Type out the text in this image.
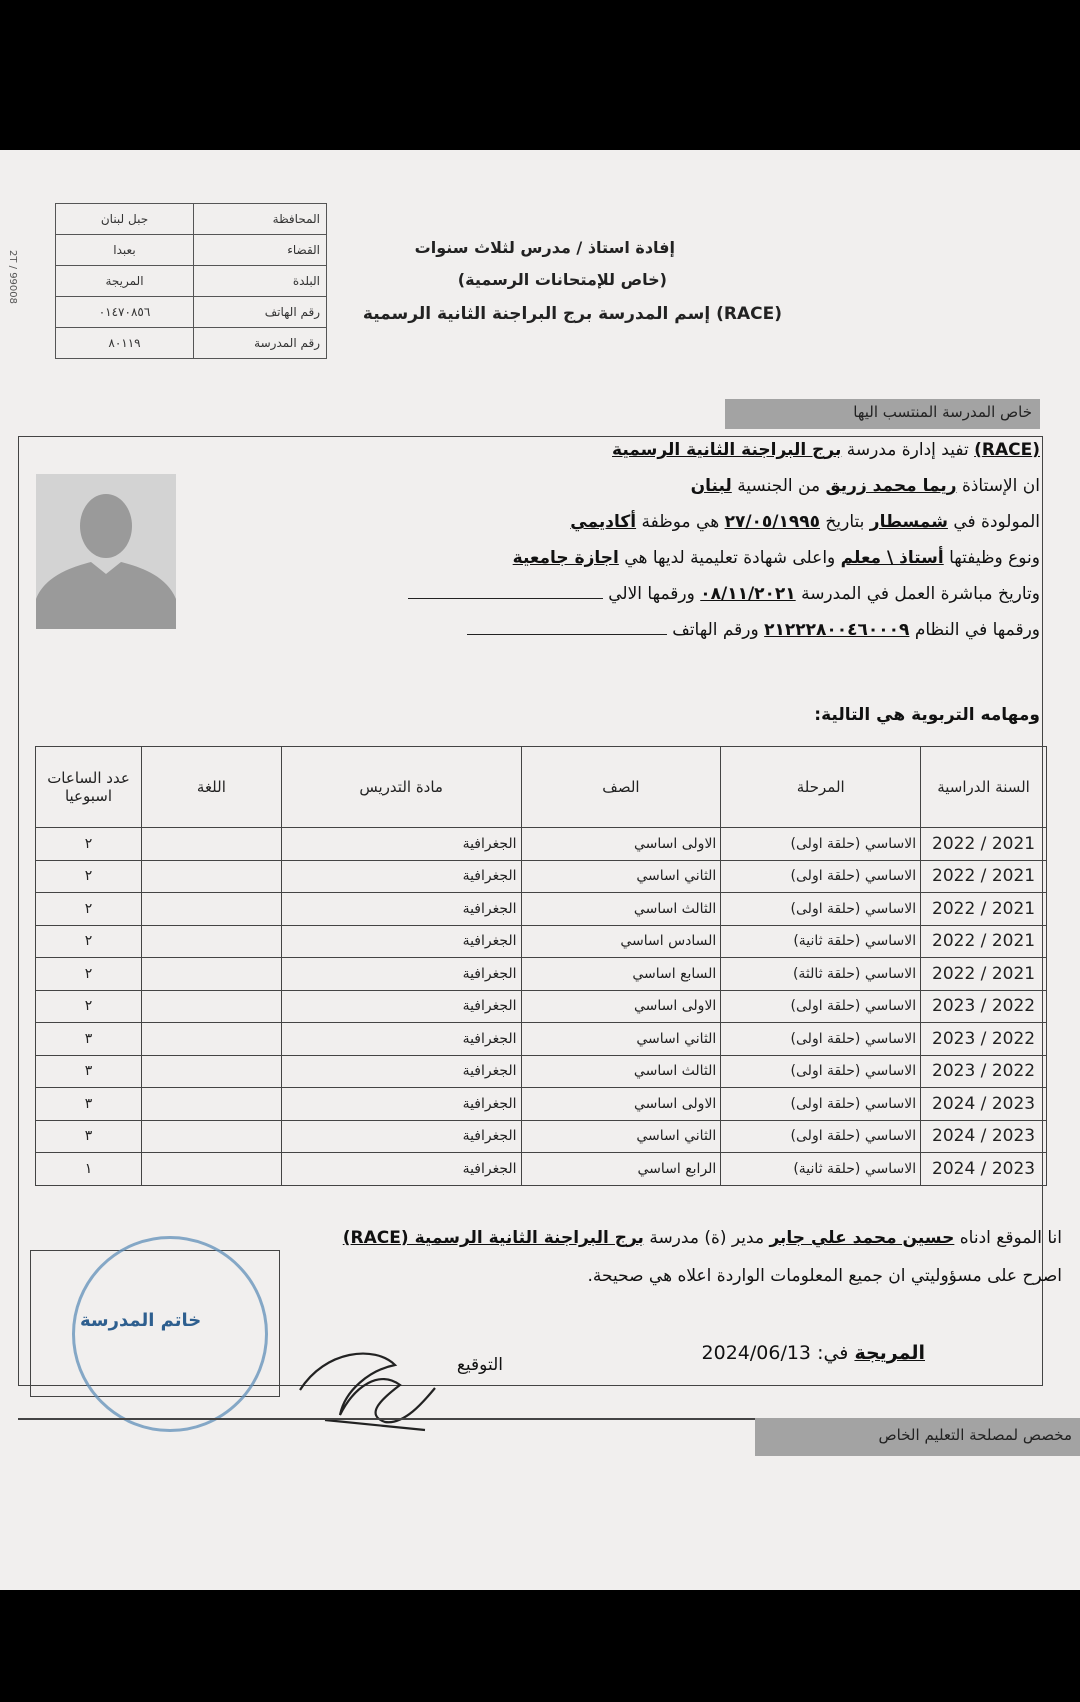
جبل لبنان	المحافظة
بعبدا	القضاء
المريجة	البلدة
٠١٤٧٠٨٥٦	رقم الهاتف
٨٠١١٩	رقم المدرسة
2T / 99008
إفادة استاذ / مدرس لثلاث سنوات
(خاص للإمتحانات الرسمية)
(RACE) إسم المدرسة برج البراجنة الثانية الرسمية
خاص المدرسة المنتسب اليها
(RACE) تفيد إدارة مدرسة برج البراجنة الثانية الرسمية
ان الإستاذة ريما محمد زريق من الجنسية لبنان
المولودة في شمسطار بتاريخ ٢٧/٠٥/١٩٩٥ هي موظفة أكاديمي
ونوع وظيفتها أستاذ \ معلم واعلى شهادة تعليمية لديها هي اجازة جامعية
وتاريخ مباشرة العمل في المدرسة ٠٨/١١/٢٠٢١ ورقمها الالي
ورقمها في النظام ٢١٢٢٢٨٠٠٤٦٠٠٠٩ ورقم الهاتف
ومهامه التربوية هي التالية:
السنة الدراسية	المرحلة	الصف	مادة التدريس	اللغة	عدد الساعات اسبوعيا
2021 / 2022	الاساسي (حلقة اولى)	الاولى اساسي	الجغرافية		٢
2021 / 2022	الاساسي (حلقة اولى)	الثاني اساسي	الجغرافية		٢
2021 / 2022	الاساسي (حلقة اولى)	الثالث اساسي	الجغرافية		٢
2021 / 2022	الاساسي (حلقة ثانية)	السادس اساسي	الجغرافية		٢
2021 / 2022	الاساسي (حلقة ثالثة)	السابع اساسي	الجغرافية		٢
2022 / 2023	الاساسي (حلقة اولى)	الاولى اساسي	الجغرافية		٢
2022 / 2023	الاساسي (حلقة اولى)	الثاني اساسي	الجغرافية		٣
2022 / 2023	الاساسي (حلقة اولى)	الثالث اساسي	الجغرافية		٣
2023 / 2024	الاساسي (حلقة اولى)	الاولى اساسي	الجغرافية		٣
2023 / 2024	الاساسي (حلقة اولى)	الثاني اساسي	الجغرافية		٣
2023 / 2024	الاساسي (حلقة ثانية)	الرابع اساسي	الجغرافية		١
انا الموقع ادناه حسين محمد علي جابر مدير (ة) مدرسة برج البراجنة الثانية الرسمية (RACE)
اصرح على مسؤوليتي ان جميع المعلومات الواردة اعلاه هي صحيحة.
المريجة في: 2024/06/13
التوقيع
خاتم المدرسة
مخصص لمصلحة التعليم الخاص
